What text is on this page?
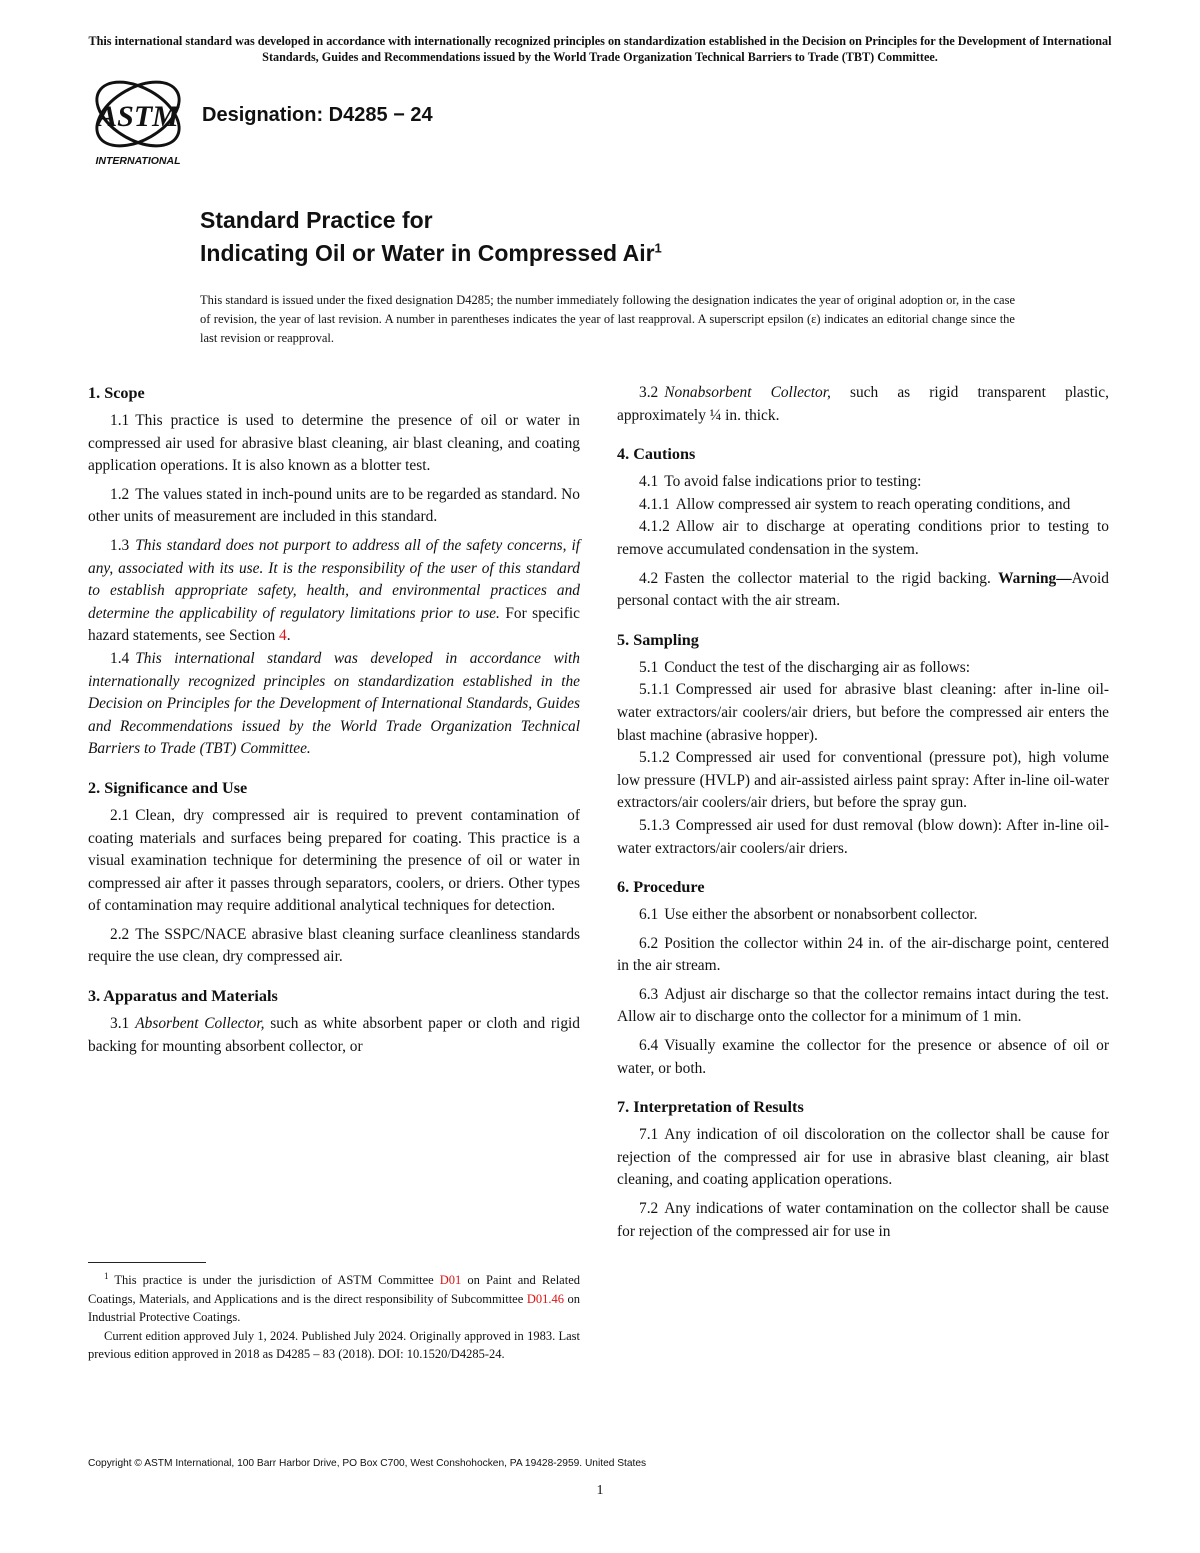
This international standard was developed in accordance with internationally recognized principles on standardization established in the Decision on Principles for the Development of International Standards, Guides and Recommendations issued by the World Trade Organization Technical Barriers to Trade (TBT) Committee.
ASTM
INTERNATIONAL
Designation: D4285 − 24
Standard Practice for
Indicating Oil or Water in Compressed Air$^1$
This standard is issued under the fixed designation D4285; the number immediately following the designation indicates the year of original adoption or, in the case of revision, the year of last revision. A number in parentheses indicates the year of last reapproval. A superscript epsilon (ε) indicates an editorial change since the last revision or reapproval.
1. Scope

1.1 This practice is used to determine the presence of oil or water in compressed air used for abrasive blast cleaning, air blast cleaning, and coating application operations. It is also known as a blotter test.

1.2 The values stated in inch-pound units are to be regarded as standard. No other units of measurement are included in this standard.

1.3 This standard does not purport to address all of the safety concerns, if any, associated with its use. It is the responsibility of the user of this standard to establish appropriate safety, health, and environmental practices and determine the applicability of regulatory limitations prior to use. For specific hazard statements, see Section 4.

1.4 This international standard was developed in accordance with internationally recognized principles on standardization established in the Decision on Principles for the Development of International Standards, Guides and Recommendations issued by the World Trade Organization Technical Barriers to Trade (TBT) Committee.

2. Significance and Use

2.1 Clean, dry compressed air is required to prevent contamination of coating materials and surfaces being prepared for coating. This practice is a visual examination technique for determining the presence of oil or water in compressed air after it passes through separators, coolers, or driers. Other types of contamination may require additional analytical techniques for detection.

2.2 The SSPC/NACE abrasive blast cleaning surface cleanliness standards require the use clean, dry compressed air.

3. Apparatus and Materials

3.1 Absorbent Collector, such as white absorbent paper or cloth and rigid backing for mounting absorbent collector, or

$^1$ This practice is under the jurisdiction of ASTM Committee D01 on Paint and Related Coatings, Materials, and Applications and is the direct responsibility of Subcommittee D01.46 on Industrial Protective Coatings.

Current edition approved July 1, 2024. Published July 2024. Originally approved in 1983. Last previous edition approved in 2018 as D4285 – 83 (2018). DOI: 10.1520/D4285-24.

3.2 Nonabsorbent Collector, such as rigid transparent plastic, approximately ¼ in. thick.

4. Cautions

4.1 To avoid false indications prior to testing:

4.1.1 Allow compressed air system to reach operating conditions, and

4.1.2 Allow air to discharge at operating conditions prior to testing to remove accumulated condensation in the system.

4.2 Fasten the collector material to the rigid backing. Warning—Avoid personal contact with the air stream.

5. Sampling

5.1 Conduct the test of the discharging air as follows:

5.1.1 Compressed air used for abrasive blast cleaning: after in-line oil-water extractors/air coolers/air driers, but before the compressed air enters the blast machine (abrasive hopper).

5.1.2 Compressed air used for conventional (pressure pot), high volume low pressure (HVLP) and air-assisted airless paint spray: After in-line oil-water extractors/air coolers/air driers, but before the spray gun.

5.1.3 Compressed air used for dust removal (blow down): After in-line oil-water extractors/air coolers/air driers.

6. Procedure

6.1 Use either the absorbent or nonabsorbent collector.

6.2 Position the collector within 24 in. of the air-discharge point, centered in the air stream.

6.3 Adjust air discharge so that the collector remains intact during the test. Allow air to discharge onto the collector for a minimum of 1 min.

6.4 Visually examine the collector for the presence or absence of oil or water, or both.

7. Interpretation of Results

7.1 Any indication of oil discoloration on the collector shall be cause for rejection of the compressed air for use in abrasive blast cleaning, air blast cleaning, and coating application operations.

7.2 Any indications of water contamination on the collector shall be cause for rejection of the compressed air for use in

Copyright © ASTM International, 100 Barr Harbor Drive, PO Box C700, West Conshohocken, PA 19428-2959. United States
1
